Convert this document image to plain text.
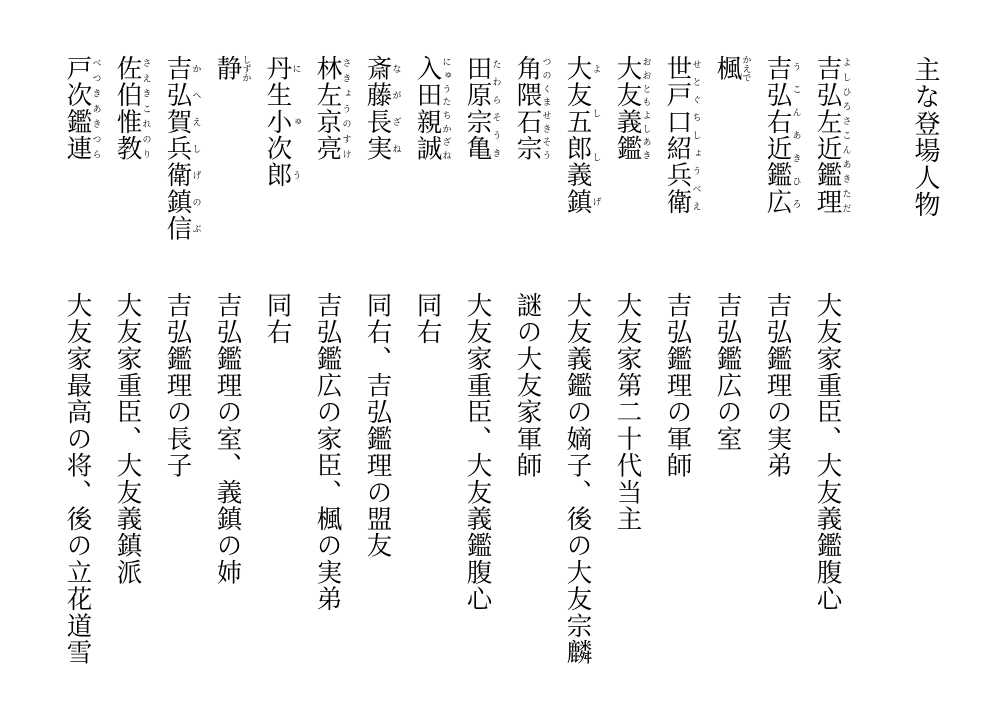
主な登場人物
吉弘左近鑑理よしひろさこんあきただ
大友家重臣、大友義鑑腹心
吉弘右近鑑広うこんあきひろ
吉弘鑑理の実弟
楓かえで
吉弘鑑広の室
世戸口紹兵衛せとぐちしょうべえ
吉弘鑑理の軍師
大友義鑑おおともよしあき
大友家第二十代当主
大友五郎義鎮よししげ
大友義鑑の嫡子、後の大友宗麟
角隈石宗つのくませきそう
謎の大友家軍師
田原宗亀たわらそうき
大友家重臣、大友義鑑腹心
入田親誠にゅうたちかざね
同右
斎藤長実ながざね
同右、吉弘鑑理の盟友
林左京亮さきょうのすけ
吉弘鑑広の家臣、楓の実弟
丹生小次郎にゅう
同右
静しずか
吉弘鑑理の室、義鎮の姉
吉弘賀兵衛鎮信かへえしげのぶ
吉弘鑑理の長子
佐伯惟教さえきこれのり
大友家重臣、大友義鎮派
戸次鑑連べつきあきつら
大友家最高の将、後の立花道雪
